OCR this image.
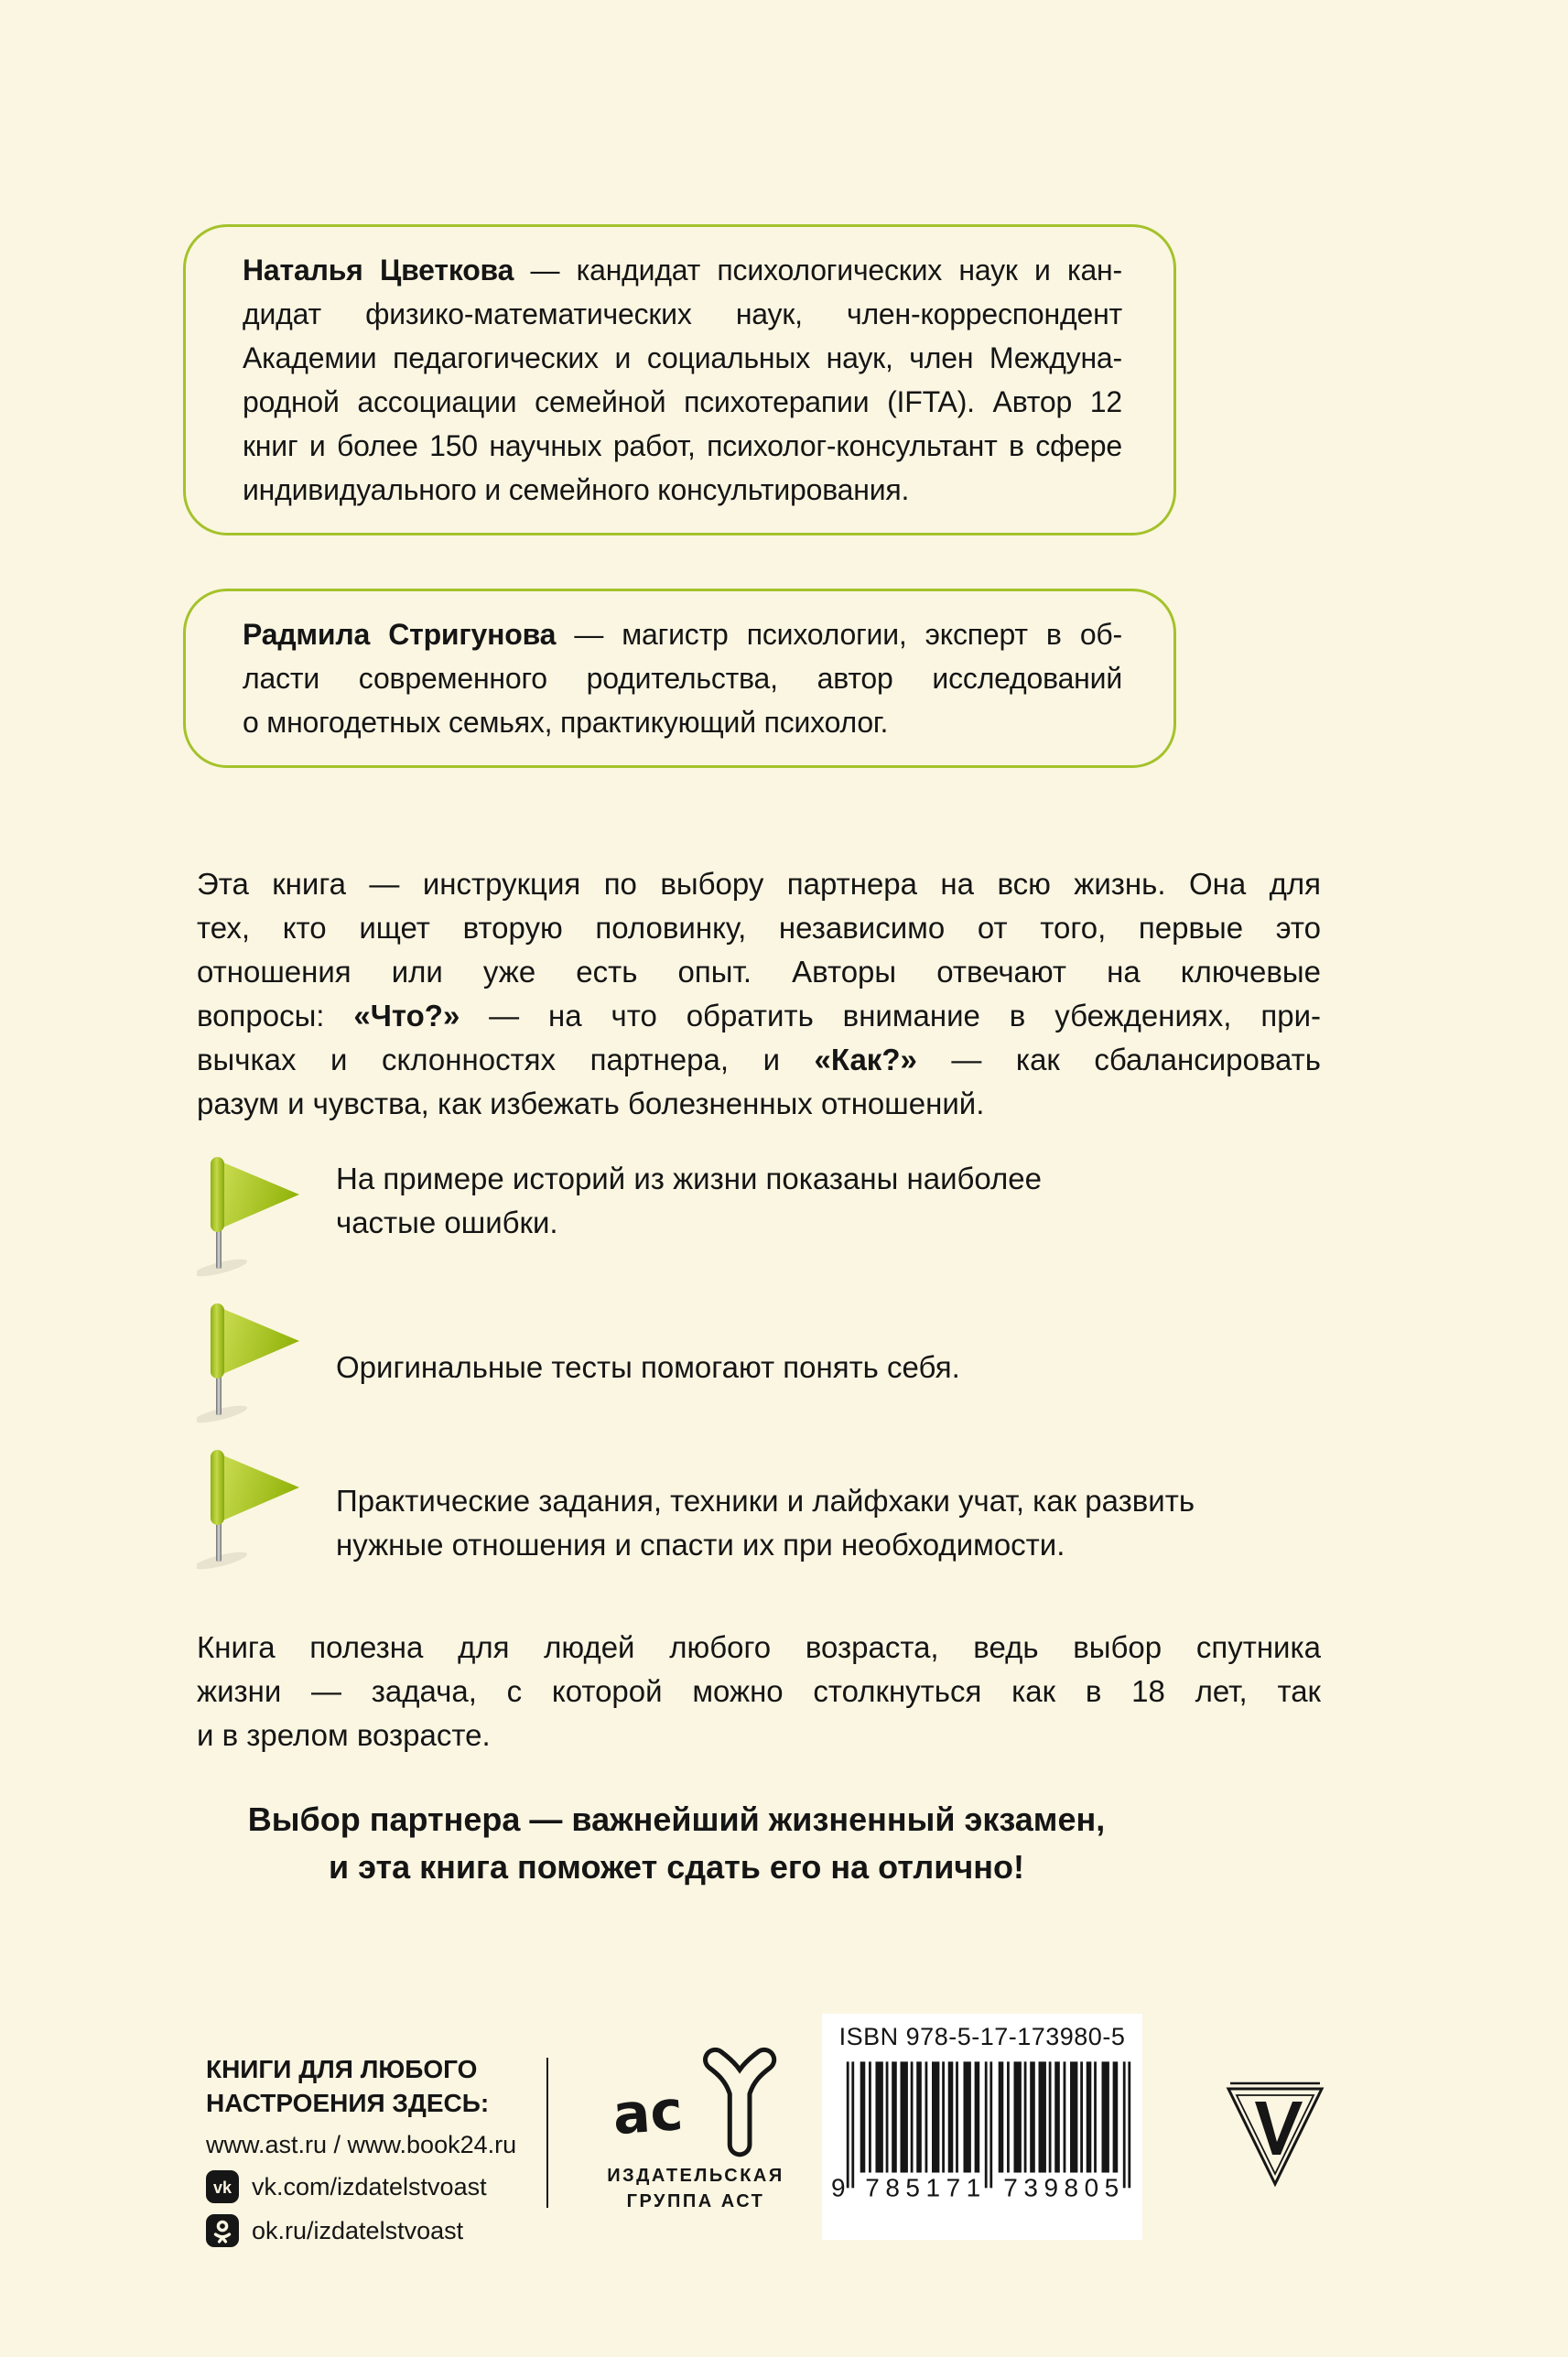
Наталья Цветкова — кандидат психологических наук и кан-
дидат физико-математических наук, член-корреспондент
Академии педагогических и социальных наук, член Междуна-
родной ассоциации семейной психотерапии (IFTA). Автор 12
книг и более 150 научных работ, психолог-консультант в сфере
индивидуального и семейного консультирования.
Радмила Стригунова — магистр психологии, эксперт в об-
ласти современного родительства, автор исследований
о многодетных семьях, практикующий психолог.
Эта книга — инструкция по выбору партнера на всю жизнь. Она для
тех, кто ищет вторую половинку, независимо от того, первые это
отношения или уже есть опыт. Авторы отвечают на ключевые
вопросы: «Что?» — на что обратить внимание в убеждениях, при-
вычках и склонностях партнера, и «Как?» — как сбалансировать
разум и чувства, как избежать болезненных отношений.
На примере историй из жизни показаны наиболее
частые ошибки.
Оригинальные тесты помогают понять себя.
Практические задания, техники и лайфхаки учат, как развить
нужные отношения и спасти их при необходимости.
Книга полезна для людей любого возраста, ведь выбор спутника
жизни — задача, с которой можно столкнуться как в 18 лет, так
и в зрелом возрасте.
Выбор партнера — важнейший жизненный экзамен,
и эта книга поможет сдать его на отлично!

КНИГИ ДЛЯ ЛЮБОГО
НАСТРОЕНИЯ ЗДЕСЬ:

www.ast.ru / www.book24.ru

vk vk.com/izdatelstvoast
ok.ru/izdatelstvoast
ас

ИЗДАТЕЛЬСКАЯ
ГРУППА АСТ

ISBN 978-5-17-173980-5

9 785171 739805
